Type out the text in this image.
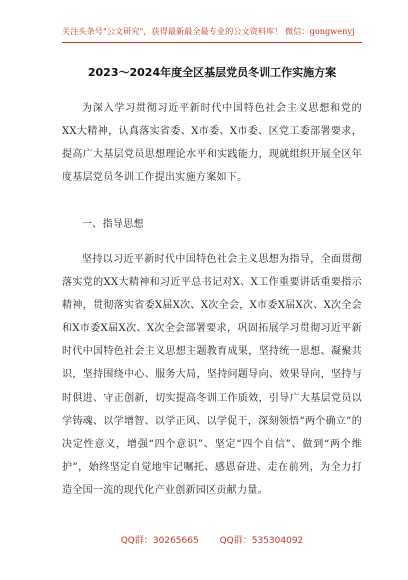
关注头条号"公文研究"，获得最新最全最专业的公文资料库！ 微信：gongwenyj
2023～2024年度全区基层党员冬训工作实施方案

为深入学习贯彻习近平新时代中国特色社会主义思想和党的XX大精神，认真落实省委、X市委、X市委、区党工委部署要求，提高广大基层党员思想理论水平和实践能力，现就组织开展全区年度基层党员冬训工作提出实施方案如下。

一、指导思想

坚持以习近平新时代中国特色社会主义思想为指导，全面贯彻落实党的XX大精神和习近平总书记对X、X工作重要讲话重要指示精神，贯彻落实省委X届X次、X次全会，X市委X届X次、X次全会和X市委X届X次、X次全会部署要求，巩固拓展学习贯彻习近平新时代中国特色社会主义思想主题教育成果，坚持统一思想、凝聚共识，坚持围绕中心、服务大局，坚持问题导向、效果导向，坚持与时俱进、守正创新，切实提高冬训工作质效，引导广大基层党员以学铸魂、以学增智、以学正风、以学促干，深刻领悟“两个确立”的决定性意义，增强“四个意识”、坚定“四个自信”、做到“两个维护”，始终坚定自觉地牢记嘱托、感恩奋进、走在前列，为全力打造全国一流的现代化产业创新园区贡献力量。

QQ群：30265665 QQ群：535304092
